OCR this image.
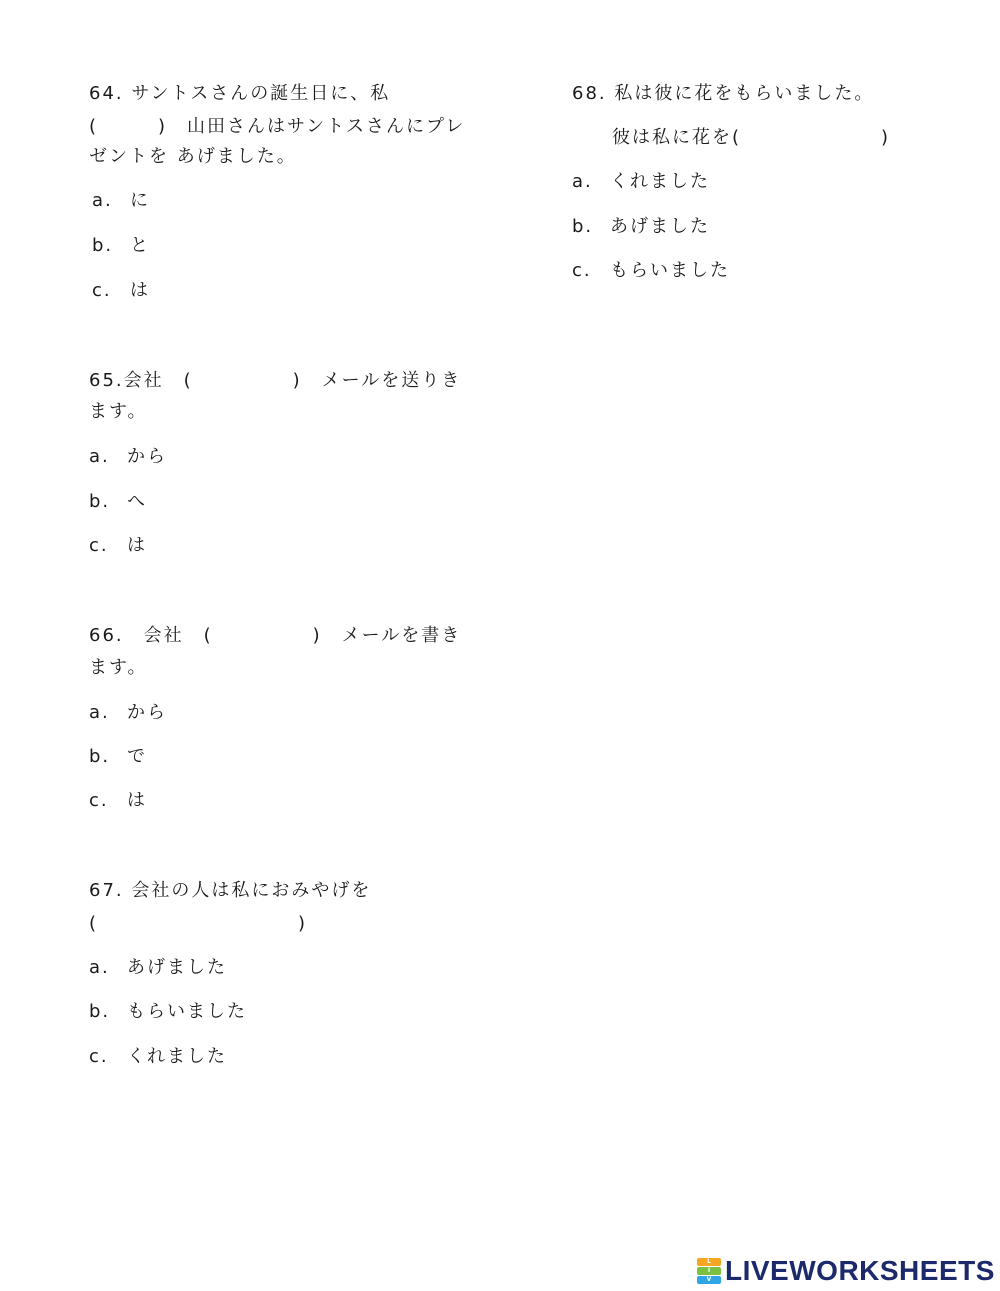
64. サントスさんの誕生日に、私
(　　　)　山田さんはサントスさんにプレ
ゼントを あげました。
a. に
b. と
c. は
65.会社　(　　　　　)　メールを送りき
ます。
a. から
b. へ
c. は
66.　会社　(　　　　　)　メールを書き
ます。
a. から
b. で
c. は
67. 会社の人は私におみやげを
(　　　　　　　　　　)
a. あげました
b. もらいました
c. くれました
68. 私は彼に花をもらいました。
彼は私に花を(　　　　　　　)
a. くれました
b. あげました
c. もらいました
L
I
V LIVEWORKSHEETS
